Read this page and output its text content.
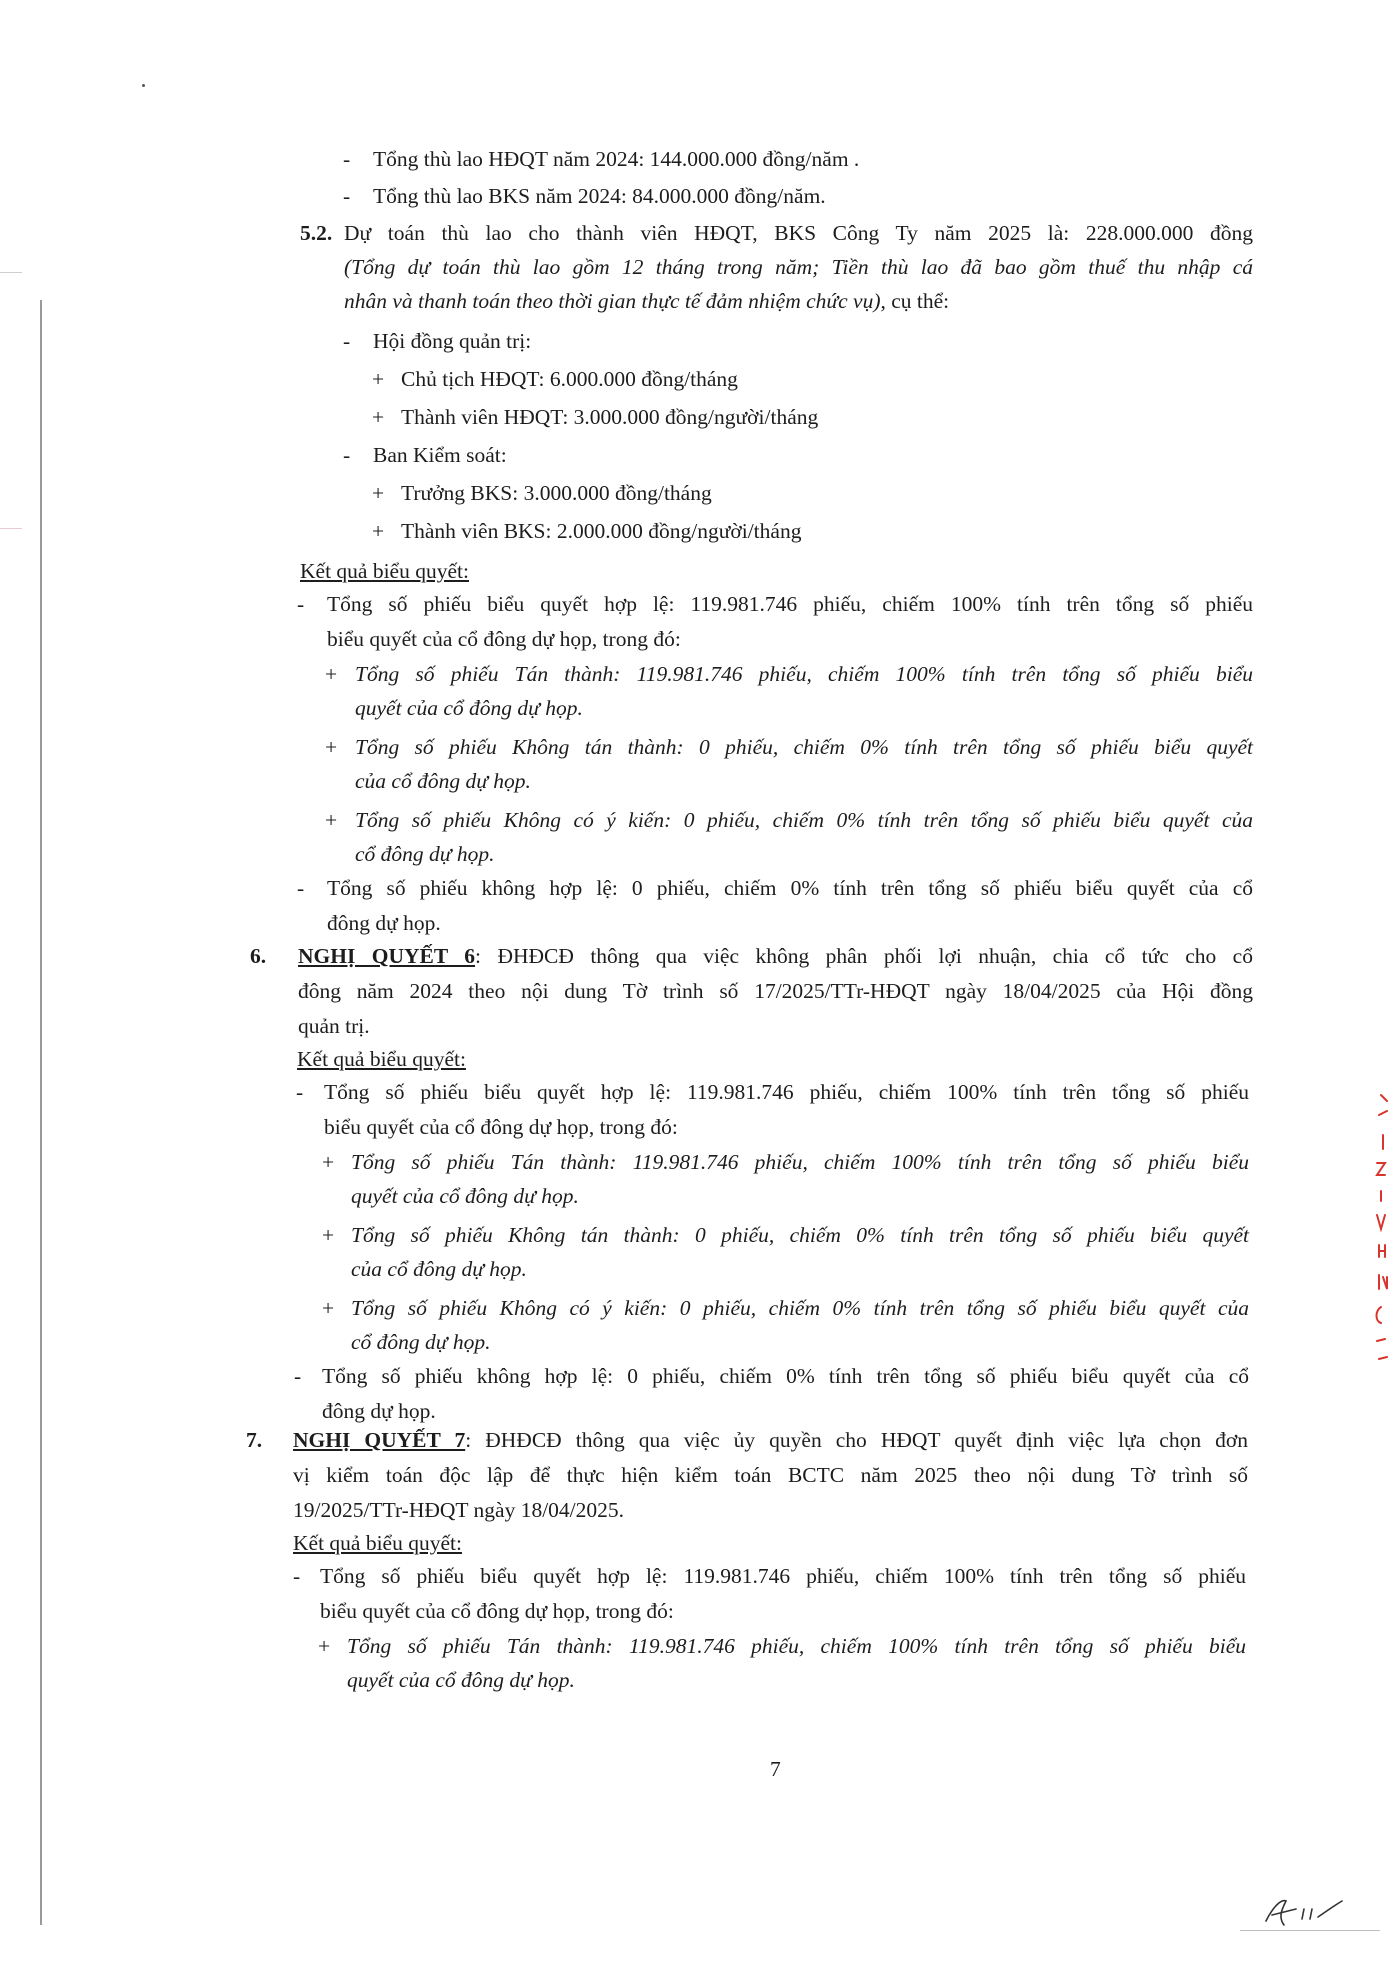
- Tổng thù lao HĐQT năm 2024: 144.000.000 đồng/năm .
- Tổng thù lao BKS năm 2024: 84.000.000 đồng/năm.
5.2. Dự toán thù lao cho thành viên HĐQT, BKS Công Ty năm 2025 là: 228.000.000 đồng
(Tổng dự toán thù lao gồm 12 tháng trong năm; Tiền thù lao đã bao gồm thuế thu nhập cá
nhân và thanh toán theo thời gian thực tế đảm nhiệm chức vụ), cụ thể:
- Hội đồng quản trị:
+ Chủ tịch HĐQT: 6.000.000 đồng/tháng
+ Thành viên HĐQT: 3.000.000 đồng/người/tháng
- Ban Kiểm soát:
+ Trưởng BKS: 3.000.000 đồng/tháng
+ Thành viên BKS: 2.000.000 đồng/người/tháng
Kết quả biểu quyết:
- Tổng số phiếu biểu quyết hợp lệ: 119.981.746 phiếu, chiếm 100% tính trên tổng số phiếu
biểu quyết của cổ đông dự họp, trong đó:
+ Tổng số phiếu Tán thành: 119.981.746 phiếu, chiếm 100% tính trên tổng số phiếu biểu
quyết của cổ đông dự họp.
+ Tổng số phiếu Không tán thành: 0 phiếu, chiếm 0% tính trên tổng số phiếu biểu quyết
của cổ đông dự họp.
+ Tổng số phiếu Không có ý kiến: 0 phiếu, chiếm 0% tính trên tổng số phiếu biểu quyết của
cổ đông dự họp.
- Tổng số phiếu không hợp lệ: 0 phiếu, chiếm 0% tính trên tổng số phiếu biểu quyết của cổ
đông dự họp.
6. NGHỊ QUYẾT 6: ĐHĐCĐ thông qua việc không phân phối lợi nhuận, chia cổ tức cho cổ
đông năm 2024 theo nội dung Tờ trình số 17/2025/TTr-HĐQT ngày 18/04/2025 của Hội đồng
quản trị.
Kết quả biểu quyết:
- Tổng số phiếu biểu quyết hợp lệ: 119.981.746 phiếu, chiếm 100% tính trên tổng số phiếu
biểu quyết của cổ đông dự họp, trong đó:
+ Tổng số phiếu Tán thành: 119.981.746 phiếu, chiếm 100% tính trên tổng số phiếu biểu
quyết của cổ đông dự họp.
+ Tổng số phiếu Không tán thành: 0 phiếu, chiếm 0% tính trên tổng số phiếu biểu quyết
của cổ đông dự họp.
+ Tổng số phiếu Không có ý kiến: 0 phiếu, chiếm 0% tính trên tổng số phiếu biểu quyết của
cổ đông dự họp.
- Tổng số phiếu không hợp lệ: 0 phiếu, chiếm 0% tính trên tổng số phiếu biểu quyết của cổ
đông dự họp.
7. NGHỊ QUYẾT 7: ĐHĐCĐ thông qua việc ủy quyền cho HĐQT quyết định việc lựa chọn đơn
vị kiểm toán độc lập để thực hiện kiểm toán BCTC năm 2025 theo nội dung Tờ trình số
19/2025/TTr-HĐQT ngày 18/04/2025.
Kết quả biểu quyết:
- Tổng số phiếu biểu quyết hợp lệ: 119.981.746 phiếu, chiếm 100% tính trên tổng số phiếu
biểu quyết của cổ đông dự họp, trong đó:
+ Tổng số phiếu Tán thành: 119.981.746 phiếu, chiếm 100% tính trên tổng số phiếu biểu
quyết của cổ đông dự họp.
7
